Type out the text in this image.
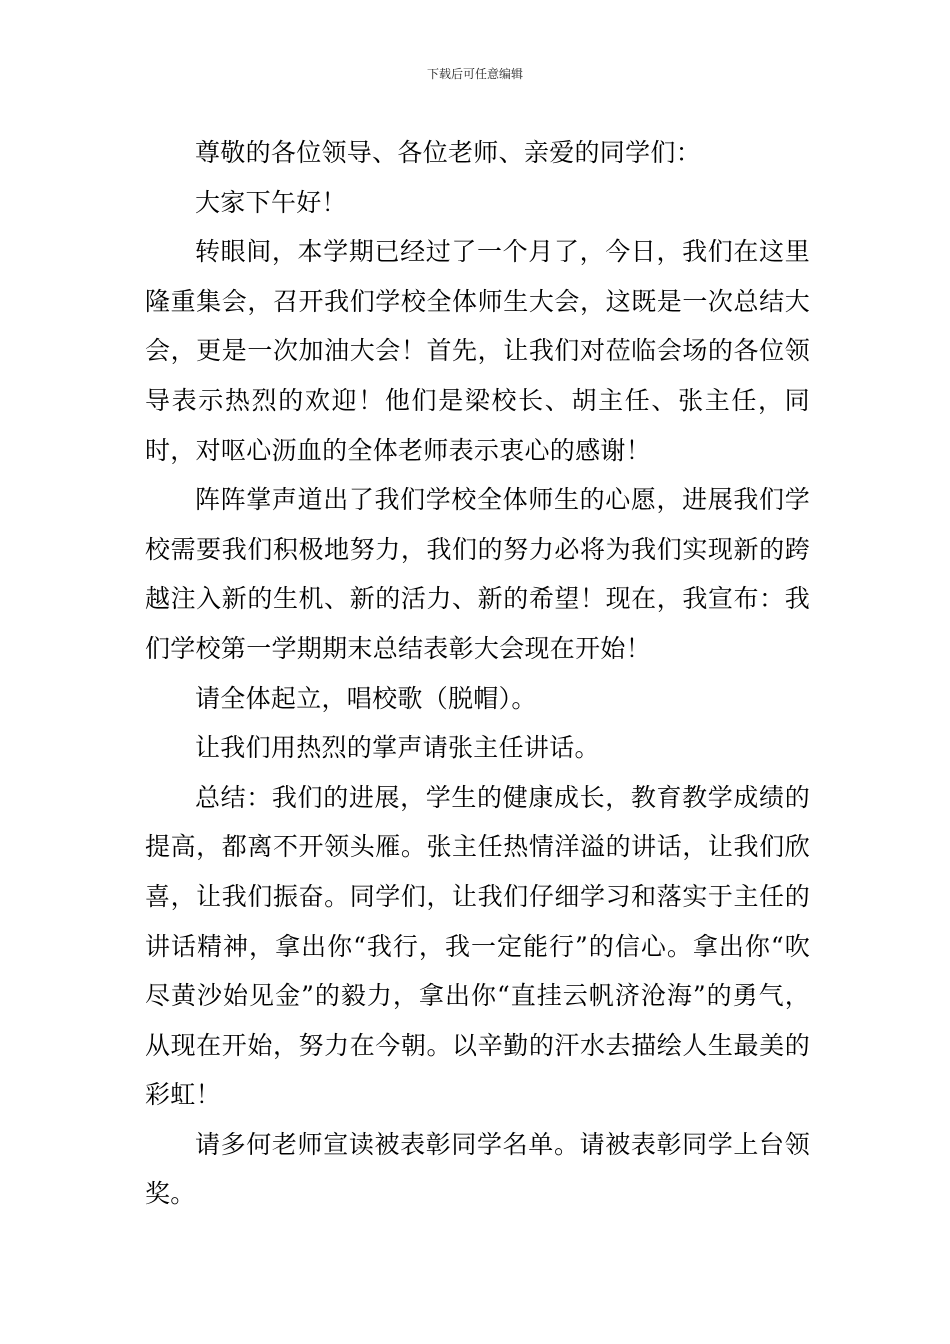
下载后可任意编辑

尊敬的各位领导、各位老师、亲爱的同学们：

大家下午好！

转眼间，本学期已经过了一个月了，今日，我们在这里隆重集会，召开我们学校全体师生大会，这既是一次总结大会，更是一次加油大会！首先，让我们对莅临会场的各位领导表示热烈的欢迎！他们是梁校长、胡主任、张主任，同时，对呕心沥血的全体老师表示衷心的感谢！

阵阵掌声道出了我们学校全体师生的心愿，进展我们学校需要我们积极地努力，我们的努力必将为我们实现新的跨越注入新的生机、新的活力、新的希望！现在，我宣布：我们学校第一学期期末总结表彰大会现在开始！

请全体起立，唱校歌（脱帽）。

让我们用热烈的掌声请张主任讲话。

总结：我们的进展，学生的健康成长，教育教学成绩的提高，都离不开领头雁。张主任热情洋溢的讲话，让我们欣喜，让我们振奋。同学们，让我们仔细学习和落实于主任的讲话精神，拿出你“我行，我一定能行”的信心。拿出你“吹尽黄沙始见金”的毅力，拿出你“直挂云帆济沧海”的勇气，从现在开始，努力在今朝。以辛勤的汗水去描绘人生最美的彩虹！

请多何老师宣读被表彰同学名单。请被表彰同学上台领奖。
